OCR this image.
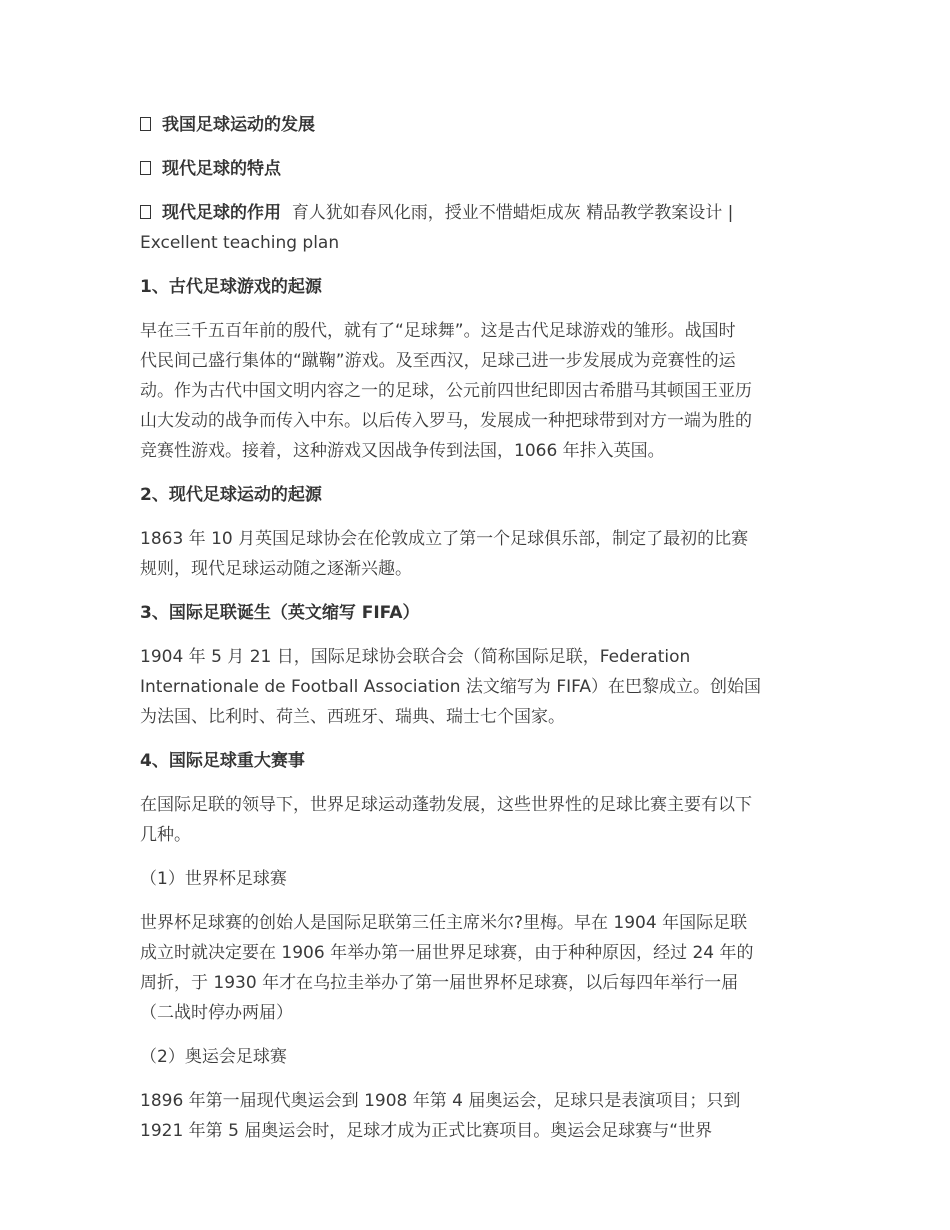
我国足球运动的发展

现代足球的特点

现代足球的作用 育人犹如春风化雨，授业不惜蜡炬成灰 精品教学教案设计 |

Excellent teaching plan

1、古代足球游戏的起源

早在三千五百年前的殷代，就有了“足球舞”。这是古代足球游戏的雏形。战国时

代民间己盛行集体的“蹴鞠”游戏。及至西汉，足球己进一步发展成为竞赛性的运

动。作为古代中国文明内容之一的足球，公元前四世纪即因古希腊马其顿国王亚历

山大发动的战争而传入中东。以后传入罗马，发展成一种把球带到对方一端为胜的

竞赛性游戏。接着，这种游戏又因战争传到法国，1066 年拤入英国。

2、现代足球运动的起源

1863 年 10 月英国足球协会在伦敦成立了第一个足球俱乐部，制定了最初的比赛

规则，现代足球运动随之逐渐兴趣。

3、国际足联诞生（英文缩写 FIFA）

1904 年 5 月 21 日，国际足球协会联合会（简称国际足联，Federation

Internationale de Football Association 法文缩写为 FIFA）在巴黎成立。创始国

为法国、比利时、荷兰、西班牙、瑞典、瑞士七个国家。

4、国际足球重大赛事

在国际足联的领导下，世界足球运动蓬勃发展，这些世界性的足球比赛主要有以下

几种。

（1）世界杯足球赛

世界杯足球赛的创始人是国际足联第三任主席米尔?里梅。早在 1904 年国际足联

成立时就决定要在 1906 年举办第一届世界足球赛，由于种种原因，经过 24 年的

周折，于 1930 年才在乌拉圭举办了第一届世界杯足球赛，以后每四年举行一届

（二战时停办两届）

（2）奥运会足球赛

1896 年第一届现代奥运会到 1908 年第 4 届奥运会，足球只是表演项目；只到

1921 年第 5 届奥运会时，足球才成为正式比赛项目。奥运会足球赛与“世界
